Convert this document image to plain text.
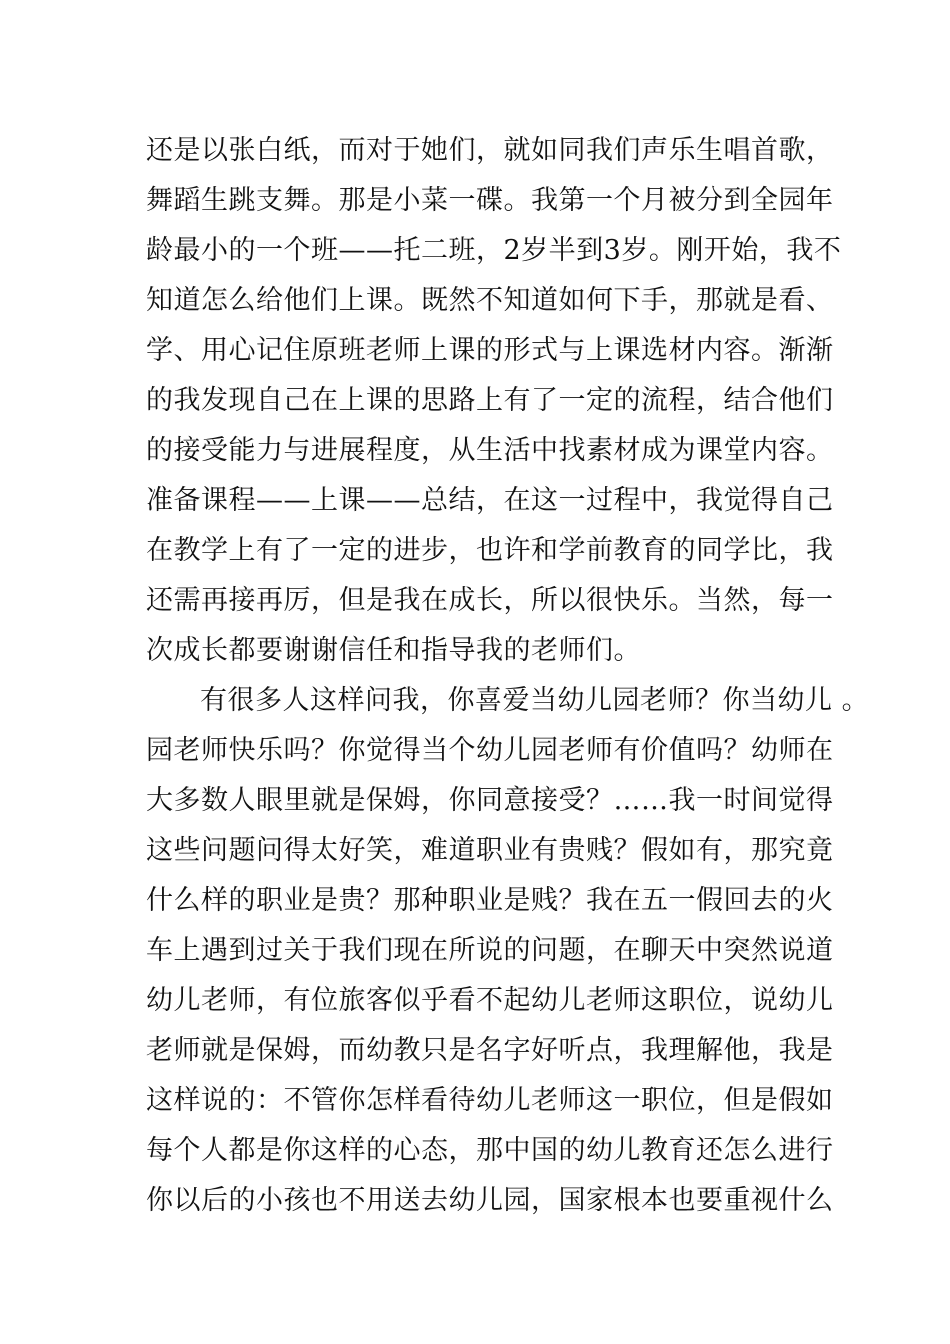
还是以张白纸，而对于她们，就如同我们声乐生唱首歌，
舞蹈生跳支舞。那是小菜一碟。我第一个月被分到全园年
龄最小的一个班——托二班，2岁半到3岁。刚开始，我不
知道怎么给他们上课。既然不知道如何下手，那就是看、
学、用心记住原班老师上课的形式与上课选材内容。渐渐
的我发现自己在上课的思路上有了一定的流程，结合他们
的接受能力与进展程度，从生活中找素材成为课堂内容。
准备课程——上课——总结，在这一过程中，我觉得自己
在教学上有了一定的进步，也许和学前教育的同学比，我
还需再接再厉，但是我在成长，所以很快乐。当然，每一
次成长都要谢谢信任和指导我的老师们。
有很多人这样问我，你喜爱当幼儿园老师？你当幼儿 。
园老师快乐吗？你觉得当个幼儿园老师有价值吗？幼师在
大多数人眼里就是保姆，你同意接受？……我一时间觉得
这些问题问得太好笑，难道职业有贵贱？假如有，那究竟
什么样的职业是贵？那种职业是贱？我在五一假回去的火
车上遇到过关于我们现在所说的问题，在聊天中突然说道
幼儿老师，有位旅客似乎看不起幼儿老师这职位，说幼儿
老师就是保姆，而幼教只是名字好听点，我理解他，我是
这样说的：不管你怎样看待幼儿老师这一职位，但是假如
每个人都是你这样的心态，那中国的幼儿教育还怎么进行
你以后的小孩也不用送去幼儿园，国家根本也要重视什么
